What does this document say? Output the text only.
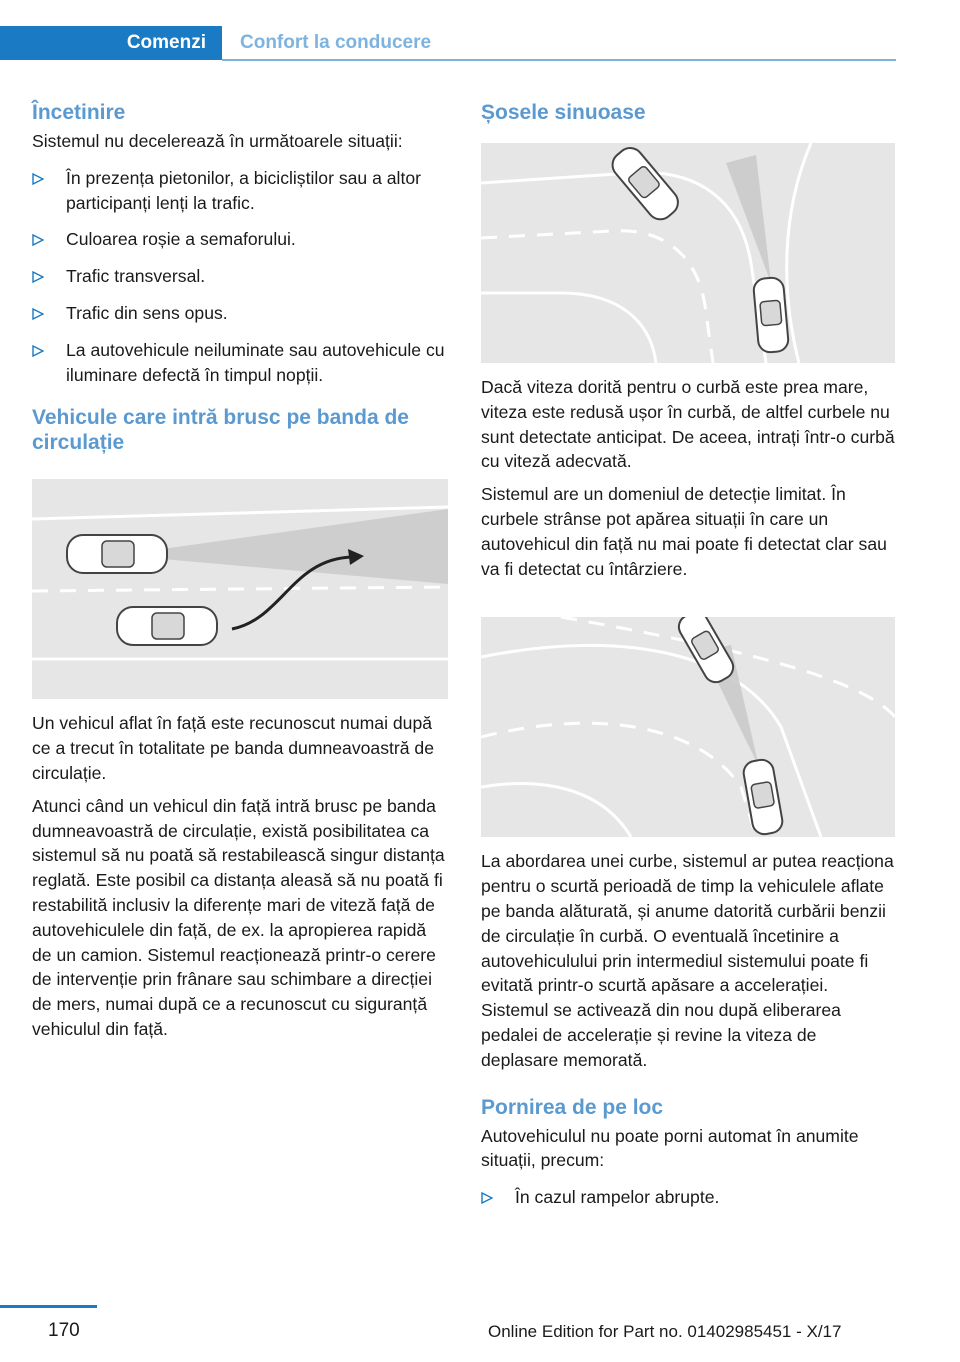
Comenzi Confort la conducere
Încetinire

Sistemul nu decelerează în următoarele situații:

În prezența pietonilor, a bicicliștilor sau a altor participanți lenți la trafic.
Culoarea roșie a semaforului.
Trafic transversal.
Trafic din sens opus.
La autovehicule neiluminate sau autovehicule cu iluminare defectă în timpul nopții.
Vehicule care intră brusc pe banda de circulație

Un vehicul aflat în față este recunoscut numai după ce a trecut în totalitate pe banda dumneavoastră de circulație.

Atunci când un vehicul din față intră brusc pe banda dumneavoastră de circulație, există posibilitatea ca sistemul să nu poată să restabilească singur distanța reglată. Este posibil ca distanța aleasă să nu poată fi restabilită inclusiv la diferențe mari de viteză față de autovehiculele din față, de ex. la apropierea rapidă de un camion. Sistemul reacționează printr-o cerere de intervenție prin frânare sau schimbare a direcției de mers, numai după ce a recunoscut cu siguranță vehiculul din față.

Șosele sinuoase

Dacă viteza dorită pentru o curbă este prea mare, viteza este redusă ușor în curbă, de altfel curbele nu sunt detectate anticipat. De aceea, intrați într-o curbă cu viteză adecvată.

Sistemul are un domeniul de detecție limitat. În curbele strânse pot apărea situații în care un autovehicul din față nu mai poate fi detectat clar sau va fi detectat cu întârziere.

La abordarea unei curbe, sistemul ar putea reacționa pentru o scurtă perioadă de timp la vehiculele aflate pe banda alăturată, și anume datorită curbării benzii de circulație în curbă. O eventuală încetinire a autovehiculului prin intermediul sistemului poate fi evitată printr-o scurtă apăsare a accelerației. Sistemul se activează din nou după eliberarea pedalei de accelerație și revine la viteza de deplasare memorată.

Pornirea de pe loc

Autovehiculul nu poate porni automat în anumite situații, precum:

În cazul rampelor abrupte.
170	Online Edition for Part no. 01402985451 - X/17
